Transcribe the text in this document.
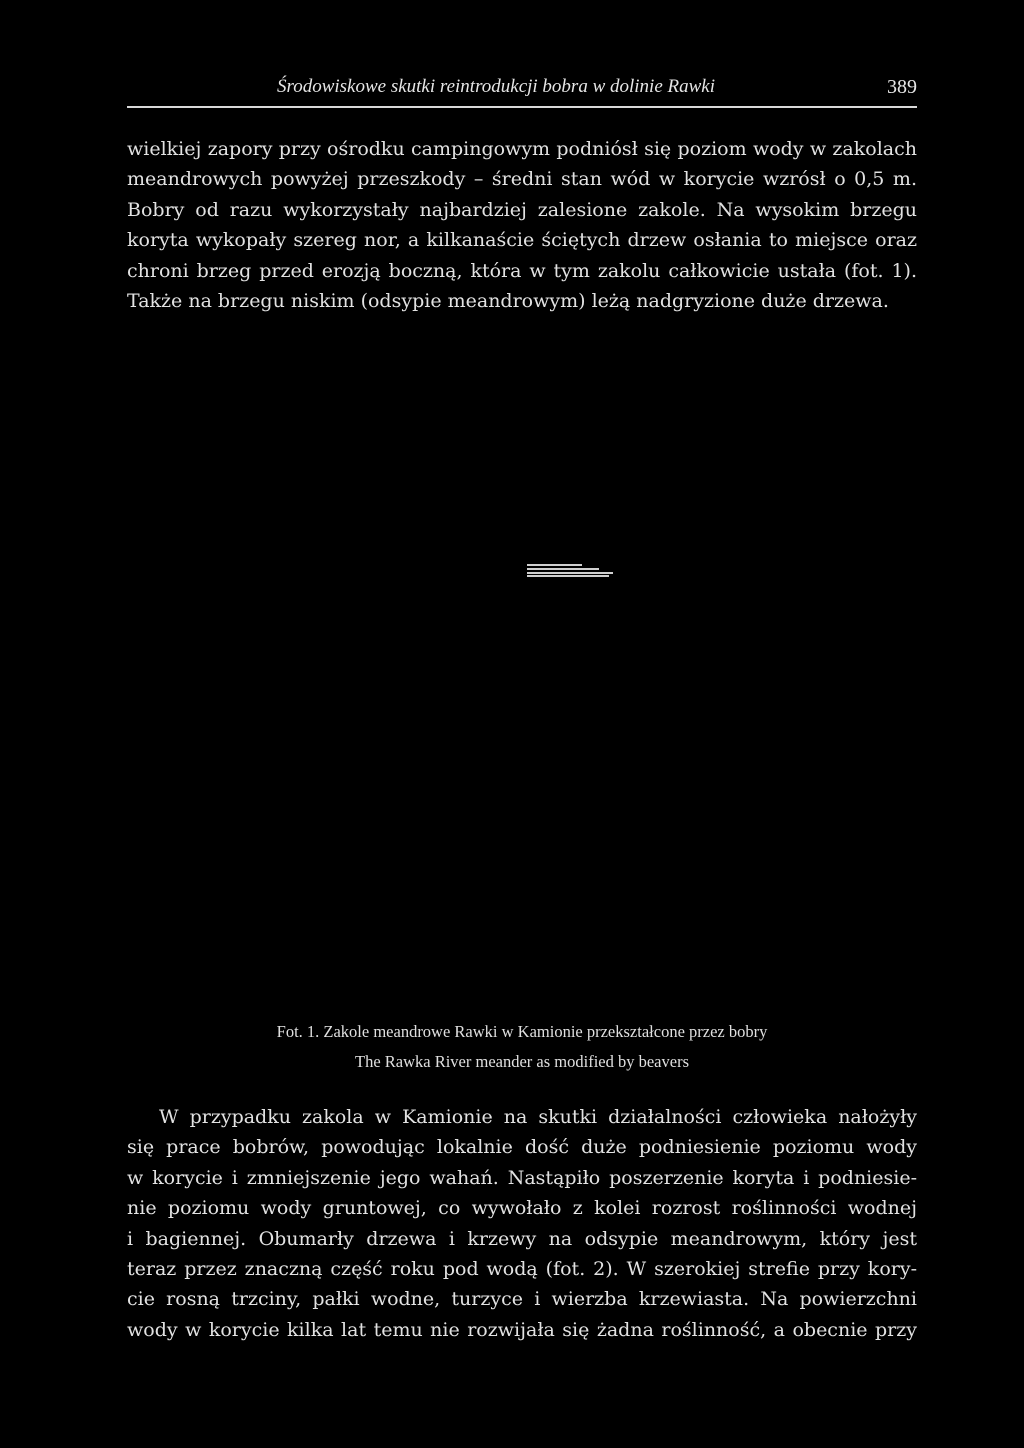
Środowiskowe skutki reintrodukcji bobra w dolinie Rawki	389
wielkiej zapory przy ośrodku campingowym podniósł się poziom wody w zakolach
meandrowych powyżej przeszkody – średni stan wód w korycie wzrósł o 0,5 m.
Bobry od razu wykorzystały najbardziej zalesione zakole. Na wysokim brzegu
koryta wykopały szereg nor, a kilkanaście ściętych drzew osłania to miejsce oraz
chroni brzeg przed erozją boczną, która w tym zakolu całkowicie ustała (fot. 1).
Także na brzegu niskim (odsypie meandrowym) leżą nadgryzione duże drzewa.
Fot. 1. Zakole meandrowe Rawki w Kamionie przekształcone przez bobry
The Rawka River meander as modified by beavers
W przypadku zakola w Kamionie na skutki działalności człowieka nałożyły
się prace bobrów, powodując lokalnie dość duże podniesienie poziomu wody
w korycie i zmniejszenie jego wahań. Nastąpiło poszerzenie koryta i podniesie-
nie poziomu wody gruntowej, co wywołało z kolei rozrost roślinności wodnej
i bagiennej. Obumarły drzewa i krzewy na odsypie meandrowym, który jest
teraz przez znaczną część roku pod wodą (fot. 2). W szerokiej strefie przy kory-
cie rosną trzciny, pałki wodne, turzyce i wierzba krzewiasta. Na powierzchni
wody w korycie kilka lat temu nie rozwijała się żadna roślinność, a obecnie przy
